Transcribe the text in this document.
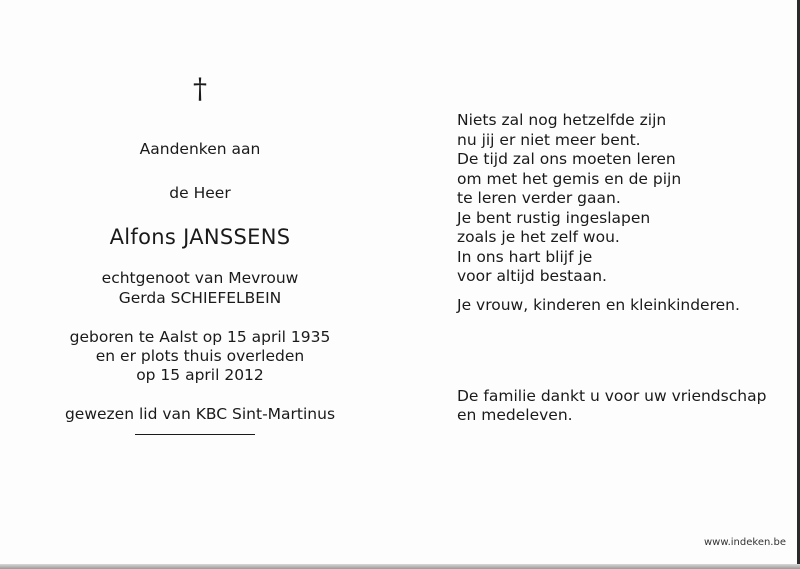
†
Aandenken aan
de Heer
Alfons JANSSENS
echtgenoot van Mevrouw
Gerda SCHIEFELBEIN
geboren te Aalst op 15 april 1935
en er plots thuis overleden
op 15 april 2012
gewezen lid van KBC Sint-Martinus
Niets zal nog hetzelfde zijn
nu jij er niet meer bent.
De tijd zal ons moeten leren
om met het gemis en de pijn
te leren verder gaan.
Je bent rustig ingeslapen
zoals je het zelf wou.
In ons hart blijf je
voor altijd bestaan.
Je vrouw, kinderen en kleinkinderen.
De familie dankt u voor uw vriendschap
en medeleven.
www.indeken.be
